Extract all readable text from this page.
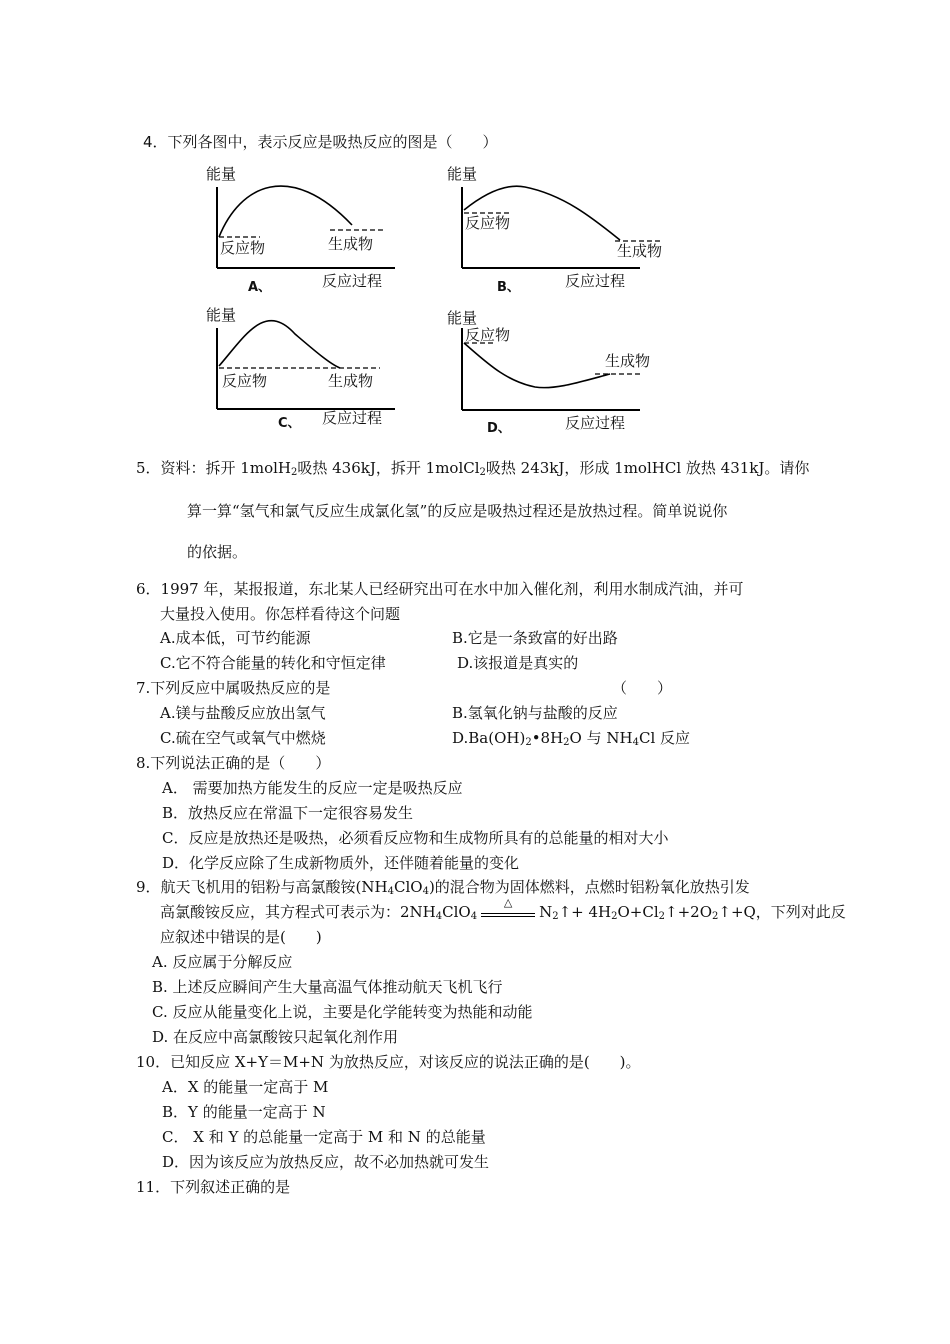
4．下列各图中，表示反应是吸热反应的图是（　　）
能量
反应物	生成物
反应过程
A、
能量
反应物
生成物
反应过程
B、
能量
反应物	生成物
反应过程
C、
能量
反应物
生成物
反应过程
D、
5．资料：拆开 1molH$_2$吸热 436kJ，拆开 1molCl$_2$吸热 243kJ，形成 1molHCl 放热 431kJ。请你
算一算“氢气和氯气反应生成氯化氢”的反应是吸热过程还是放热过程。简单说说你
的依据。
6．1997 年，某报报道，东北某人已经研究出可在水中加入催化剂，利用水制成汽油，并可
大量投入使用。你怎样看待这个问题
A.成本低，可节约能源	B.它是一条致富的好出路
C.它不符合能量的转化和守恒定律	D.该报道是真实的
7.下列反应中属吸热反应的是	（　　）
A.镁与盐酸反应放出氢气	B.氢氧化钠与盐酸的反应
C.硫在空气或氧气中燃烧	$D.Ba(OH)_2•8H_2O$ 与 $NH_4Cl$ 反应
8.下列说法正确的是（　　）
A． 需要加热方能发生的反应一定是吸热反应
B．放热反应在常温下一定很容易发生
C．反应是放热还是吸热，必须看反应物和生成物所具有的总能量的相对大小
D．化学反应除了生成新物质外，还伴随着能量的变化
9．航天飞机用的铝粉与高氯酸铵$(NH_4ClO_4)$的混合物为固体燃料，点燃时铝粉氧化放热引发
高氯酸铵反应，其方程式可表示为：$2NH_4ClO_4$
△
$N_2↑+$ $4H_2O+Cl_2↑+2O_2↑+Q$，下列对此反
应叙述中错误的是(　　)
A. 反应属于分解反应
B. 上述反应瞬间产生大量高温气体推动航天飞机飞行
C. 反应从能量变化上说，主要是化学能转变为热能和动能
D. 在反应中高氯酸铵只起氧化剂作用
10．已知反应 X+Y＝M+N 为放热反应，对该反应的说法正确的是(　　)。
A．X 的能量一定高于 M
B．Y 的能量一定高于 N
C． X 和 Y 的总能量一定高于 M 和 N 的总能量
D．因为该反应为放热反应，故不必加热就可发生
11．下列叙述正确的是
